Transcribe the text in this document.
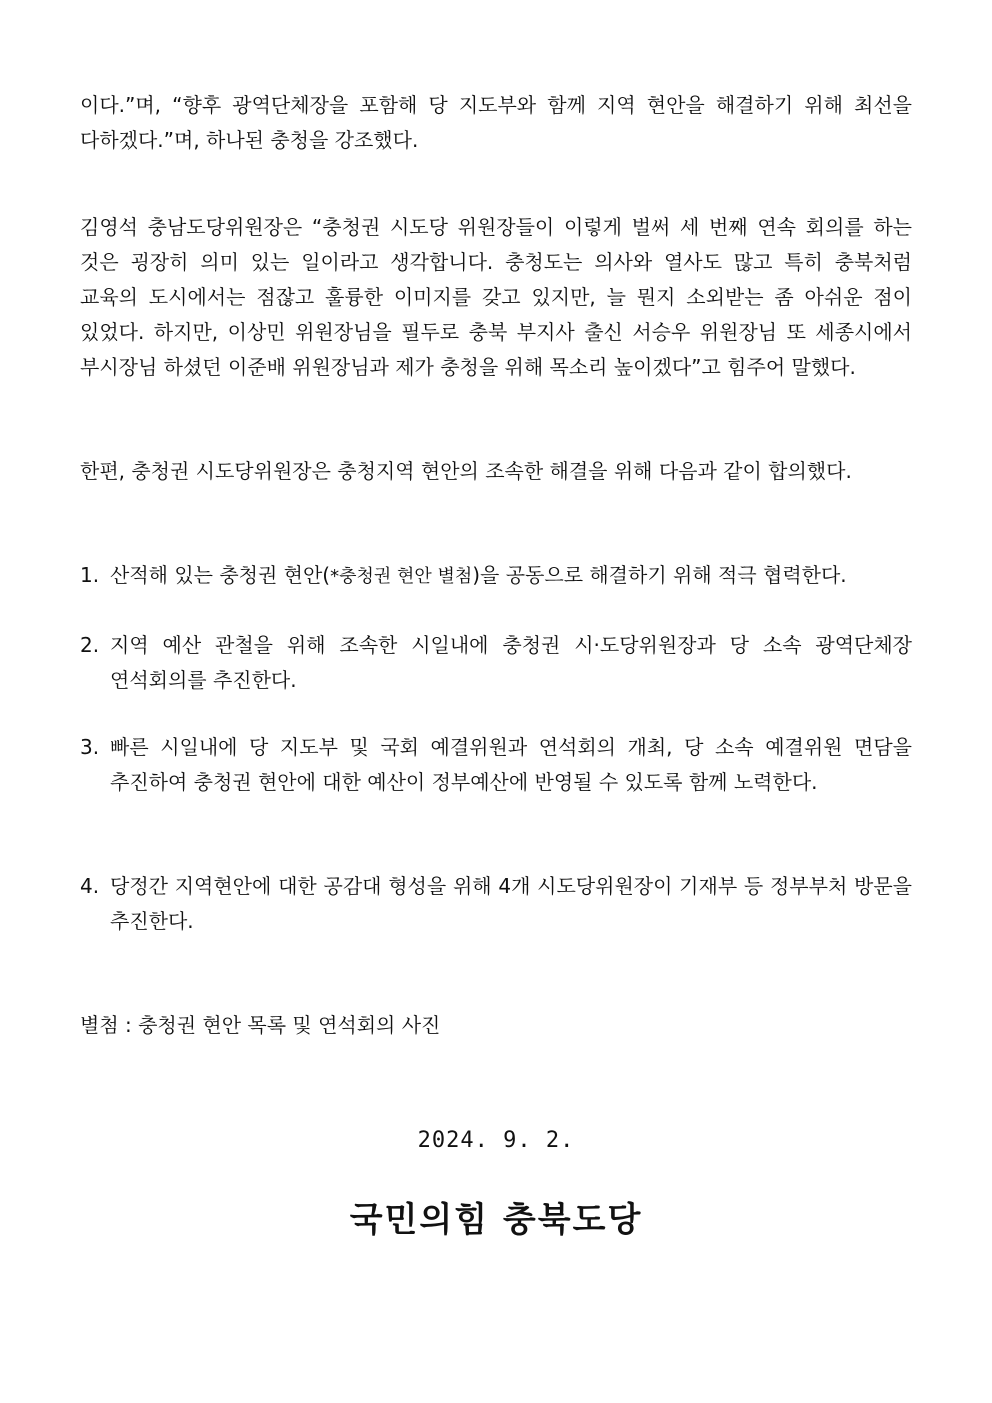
이다.”며, “향후 광역단체장을 포함해 당 지도부와 함께 지역 현안을 해결하기 위해 최선을 다하겠다.”며, 하나된 충청을 강조했다.

김영석 충남도당위원장은 “충청권 시도당 위원장들이 이렇게 벌써 세 번째 연속 회의를 하는 것은 굉장히 의미 있는 일이라고 생각합니다. 충청도는 의사와 열사도 많고 특히 충북처럼 교육의 도시에서는 점잖고 훌륭한 이미지를 갖고 있지만, 늘 뭔지 소외받는 좀 아쉬운 점이 있었다. 하지만, 이상민 위원장님을 필두로 충북 부지사 출신 서승우 위원장님 또 세종시에서 부시장님 하셨던 이준배 위원장님과 제가 충청을 위해 목소리 높이겠다”고 힘주어 말했다.

한편, 충청권 시도당위원장은 충청지역 현안의 조속한 해결을 위해 다음과 같이 합의했다.

1. 산적해 있는 충청권 현안(*충청권 현안 별첨)을 공동으로 해결하기 위해 적극 협력한다.
2. 지역 예산 관철을 위해 조속한 시일내에 충청권 시·도당위원장과 당 소속 광역단체장 연석회의를 추진한다.
3. 빠른 시일내에 당 지도부 및 국회 예결위원과 연석회의 개최, 당 소속 예결위원 면담을 추진하여 충청권 현안에 대한 예산이 정부예산에 반영될 수 있도록 함께 노력한다.
4. 당정간 지역현안에 대한 공감대 형성을 위해 4개 시도당위원장이 기재부 등 정부부처 방문을 추진한다.

별첨 : 충청권 현안 목록 및 연석회의 사진

2024. 9. 2.
국민의힘 충북도당
